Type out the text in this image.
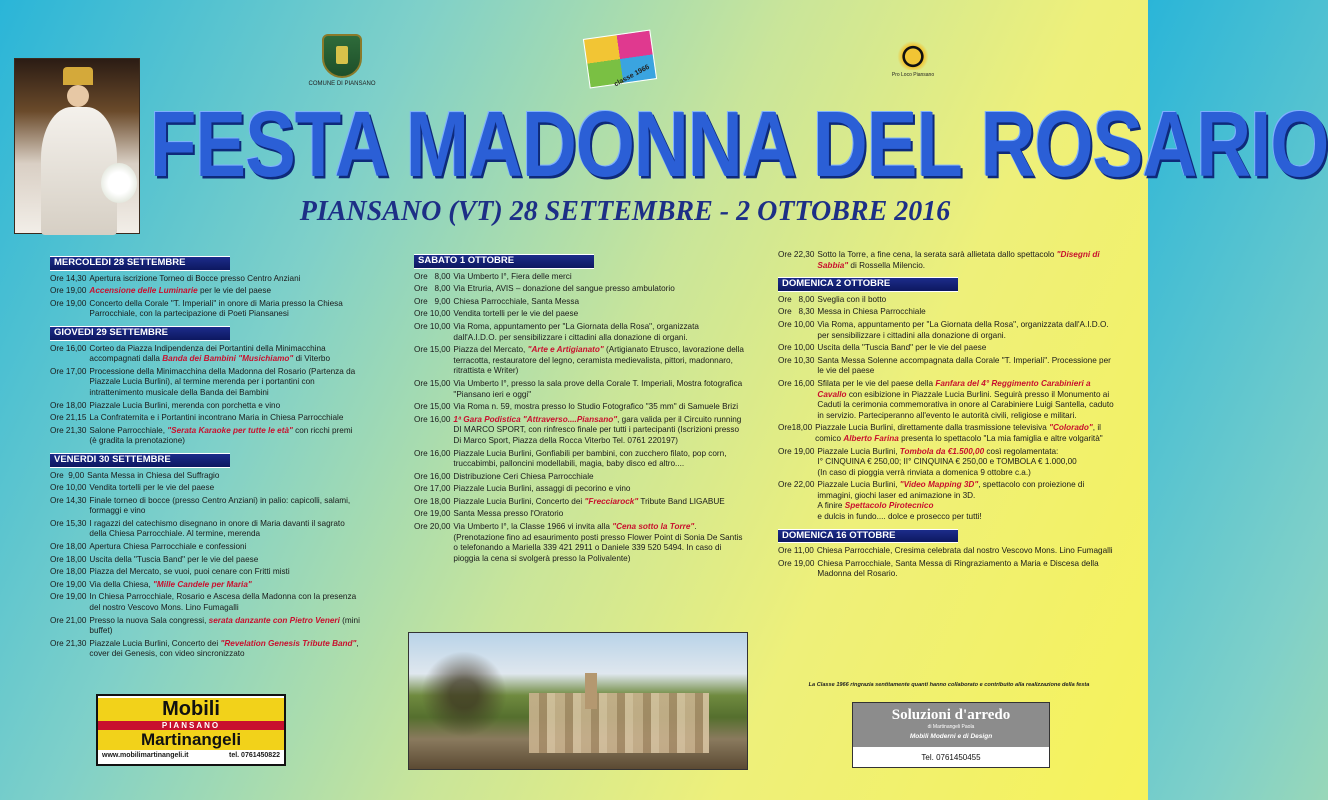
COMUNE DI PIANSANO	classe 1966	Pro Loco Piansano
FESTA MADONNA DEL ROSARIO
PIANSANO (VT) 28 SETTEMBRE - 2 OTTOBRE 2016
MERCOLEDI 28 SETTEMBRE
Ore 14,30 Apertura iscrizione Torneo di Bocce presso Centro Anziani
Ore 19,00 Accensione delle Luminarie per le vie del paese
Ore 19,00 Concerto della Corale "T. Imperiali" in onore di Maria presso la Chiesa Parrocchiale, con la partecipazione di Poeti Piansanesi
GIOVEDI 29 SETTEMBRE
Ore 16,00 Corteo da Piazza Indipendenza dei Portantini della Minimacchina accompagnati dalla Banda dei Bambini "Musichiamo" di Viterbo
Ore 17,00 Processione della Minimacchina della Madonna del Rosario (Partenza da Piazzale Lucia Burlini), al termine merenda per i portantini con intrattenimento musicale della Banda dei Bambini
Ore 18,00 Piazzale Lucia Burlini, merenda con porchetta e vino
Ore 21,15 La Confraternita e i Portantini incontrano Maria in Chiesa Parrocchiale
Ore 21,30 Salone Parrocchiale, "Serata Karaoke per tutte le età" con ricchi premi (è gradita la prenotazione)
VENERDI 30 SETTEMBRE
Ore  9,00 Santa Messa in Chiesa del Suffragio
Ore 10,00 Vendita tortelli per le vie del paese
Ore 14,30 Finale torneo di bocce (presso Centro Anziani) in palio: capicolli, salami, formaggi e vino
Ore 15,30 I ragazzi del catechismo disegnano in onore di Maria davanti il sagrato della Chiesa Parrocchiale. Al termine, merenda
Ore 18,00 Apertura Chiesa Parrocchiale e confessioni
Ore 18,00 Uscita della "Tuscia Band" per le vie del paese
Ore 18,00 Piazza del Mercato, se vuoi, puoi cenare con Fritti misti
Ore 19,00 Via della Chiesa, "Mille Candele per Maria"
Ore 19,00 In Chiesa Parrocchiale, Rosario e Ascesa della Madonna con la presenza del nostro Vescovo Mons. Lino Fumagalli
Ore 21,00 Presso la nuova Sala congressi, serata danzante con Pietro Veneri (mini buffet)
Ore 21,30 Piazzale Lucia Burlini, Concerto dei "Revelation Genesis Tribute Band", cover dei Genesis, con video sincronizzato
SABATO 1 OTTOBRE
Ore   8,00 Via Umberto I°, Fiera delle merci
Ore   8,00 Via Etruria, AVIS – donazione del sangue presso ambulatorio
Ore   9,00 Chiesa Parrocchiale, Santa Messa
Ore 10,00 Vendita tortelli per le vie del paese
Ore 10,00 Via Roma, appuntamento per "La Giornata della Rosa", organizzata dall'A.I.D.O. per sensibilizzare i cittadini alla donazione di organi.
Ore 15,00 Piazza del Mercato, "Arte e Artigianato" (Artigianato Etrusco, lavorazione della terracotta, restauratore del legno, ceramista medievalista, pittori, madonnaro, ritrattista e Writer)
Ore 15,00 Via Umberto I°, presso la sala prove della Corale T. Imperiali, Mostra fotografica "Piansano ieri e oggi"
Ore 15,00 Via Roma n. 59, mostra presso lo Studio Fotografico "35 mm" di Samuele Brizi
Ore 16,00 1ª Gara Podistica "Attraverso....Piansano", gara valida per il Circuito running DI MARCO SPORT, con rinfresco finale per tutti i partecipanti (Iscrizioni presso Di Marco Sport, Piazza della Rocca Viterbo Tel. 0761 220197)
Ore 16,00 Piazzale Lucia Burlini, Gonfiabili per bambini, con zucchero filato, pop corn, truccabimbi, palloncini modellabili, magia, baby disco ed altro....
Ore 16,00 Distribuzione Ceri Chiesa Parrocchiale
Ore 17,00 Piazzale Lucia Burlini, assaggi di pecorino e vino
Ore 18,00 Piazzale Lucia Burlini, Concerto dei "Frecciarock" Tribute Band LIGABUE
Ore 19,00 Santa Messa presso l'Oratorio
Ore 20,00 Via Umberto I°, la Classe 1966 vi invita alla "Cena sotto la Torre".
(Prenotazione fino ad esaurimento posti presso Flower Point di Sonia De Santis o telefonando a Mariella 339 421 2911 o Daniele 339 520 5494. In caso di pioggia la cena si svolgerà presso la Polivalente)
Ore 22,30 Sotto la Torre, a fine cena, la serata sarà allietata dallo spettacolo "Disegni di Sabbia" di Rossella Milencio.
DOMENICA 2 OTTOBRE
Ore   8,00 Sveglia con il botto
Ore   8,30 Messa in Chiesa Parrocchiale
Ore 10,00 Via Roma, appuntamento per "La Giornata della Rosa", organizzata dall'A.I.D.O. per sensibilizzare i cittadini alla donazione di organi.
Ore 10,00 Uscita della "Tuscia Band" per le vie del paese
Ore 10,30 Santa Messa Solenne accompagnata dalla Corale "T. Imperiali". Processione per le vie del paese
Ore 16,00 Sfilata per le vie del paese della Fanfara del 4° Reggimento Carabinieri a Cavallo con esibizione in Piazzale Lucia Burlini. Seguirà presso il Monumento ai Caduti la cerimonia commemorativa in onore al Carabiniere Luigi Santella, caduto in servizio. Parteciperanno all'evento le autorità civili, religiose e militari.
Ore18,00 Piazzale Lucia Burlini, direttamente dalla trasmissione televisiva "Colorado", il comico Alberto Farina presenta lo spettacolo "La mia famiglia e altre volgarità"
Ore 19,00 Piazzale Lucia Burlini, Tombola da €1.500,00 così regolamentata:
I° CINQUINA € 250,00; II° CINQUINA € 250,00 e TOMBOLA € 1.000,00
(In caso di pioggia verrà rinviata a domenica 9 ottobre c.a.)
Ore 22,00 Piazzale Lucia Burlini, "Video Mapping 3D", spettacolo con proiezione di immagini, giochi laser ed animazione in 3D.
A finire Spettacolo Pirotecnico
e dulcis in fundo.... dolce e prosecco per tutti!
DOMENICA 16 OTTOBRE
Ore 11,00 Chiesa Parrocchiale, Cresima celebrata dal nostro Vescovo Mons. Lino Fumagalli
Ore 19,00 Chiesa Parrocchiale, Santa Messa di Ringraziamento a Maria e Discesa della Madonna del Rosario.
Mobili
PIANSANO
Martinangeli
www.mobilimartinangeli.it	tel. 0761450822
La Classe 1966 ringrazia sentitamente quanti hanno collaborato e contribuito alla realizzazione della festa
Soluzioni d'arredo
di Martinangeli Paola
Mobili Moderni e di Design
Tel. 0761450455
